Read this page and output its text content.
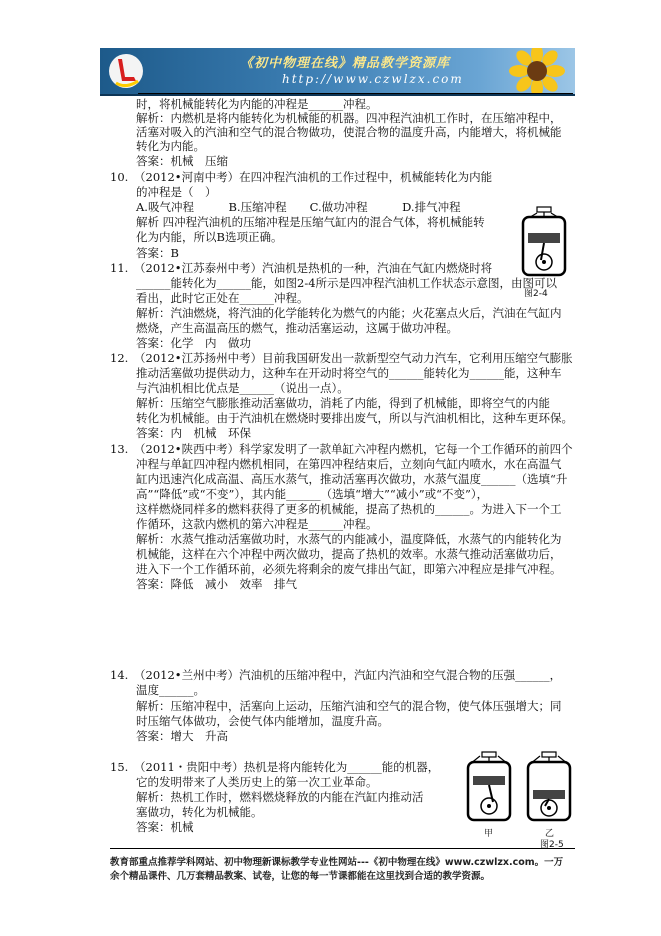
《初中物理在线》精品教学资源库
http://www.czwlzx.com
时，将机械能转化为内能的冲程是______冲程。
解析：内燃机是将内能转化为机械能的机器。四冲程汽油机工作时，在压缩冲程中，
活塞对吸入的汽油和空气的混合物做功，使混合物的温度升高，内能增大，将机械能
转化为内能。
答案：机械　压缩
10.　（2012•河南中考）在四冲程汽油机的工作过程中，机械能转化为内能
的冲程是（　）
A.吸气冲程　　　B.压缩冲程　　C.做功冲程　　　D.排气冲程
解析 四冲程汽油机的压缩冲程是压缩气缸内的混合气体，将机械能转
化为内能，所以B选项正确。
答案：B
11.　（2012•江苏泰州中考）汽油机是热机的一种，汽油在气缸内燃烧时将
______能转化为______能，如图2-4所示是四冲程汽油机工作状态示意图，由图可以
看出，此时它正处在______冲程。
解析：汽油燃烧，将汽油的化学能转化为燃气的内能；火花塞点火后，汽油在气缸内
燃烧，产生高温高压的燃气，推动活塞运动，这属于做功冲程。
答案：化学　内　做功
12.　（2012•江苏扬州中考）目前我国研发出一款新型空气动力汽车，它利用压缩空气膨胀
推动活塞做功提供动力，这种车在开动时将空气的______能转化为______能，这种车
与汽油机相比优点是______（说出一点）。
解析：压缩空气膨胀推动活塞做功，消耗了内能，得到了机械能，即将空气的内能
转化为机械能。由于汽油机在燃烧时要排出废气，所以与汽油机相比，这种车更环保。
答案：内　机械　环保
13.　（2012•陕西中考）科学家发明了一款单缸六冲程内燃机，它每一个工作循环的前四个
冲程与单缸四冲程内燃机相同，在第四冲程结束后，立刻向气缸内喷水，水在高温气
缸内迅速汽化成高温、高压水蒸气，推动活塞再次做功，水蒸气温度______（选填“升
高”“降低”或“不变”），其内能______（选填“增大”“减小”或“不变”），
这样燃烧同样多的燃料获得了更多的机械能，提高了热机的______。为进入下一个工
作循环，这款内燃机的第六冲程是______冲程。
解析：水蒸气推动活塞做功时，水蒸气的内能减小，温度降低，水蒸气的内能转化为
机械能，这样在六个冲程中两次做功，提高了热机的效率。水蒸气推动活塞做功后，
进入下一个工作循环前，必须先将剩余的废气排出气缸，即第六冲程应是排气冲程。
答案：降低　减小　效率　排气
14.　（2012•兰州中考）汽油机的压缩冲程中，汽缸内汽油和空气混合物的压强______，
温度______。
解析：压缩冲程中，活塞向上运动，压缩汽油和空气的混合物，使气体压强增大；同
时压缩气体做功，会使气体内能增加，温度升高。
答案：增大　升高
15.　（2011・贵阳中考）热机是将内能转化为______能的机器，
它的发明带来了人类历史上的第一次工业革命。
解析：热机工作时，燃料燃烧释放的内能在汽缸内推动活
塞做功，转化为机械能。
答案：机械
图2-4
甲	乙
图2-5
教育部重点推荐学科网站、初中物理新课标教学专业性网站---《初中物理在线》www.czwlzx.com。一万
余个精品课件、几万套精品教案、试卷，让您的每一节课都能在这里找到合适的教学资源。
